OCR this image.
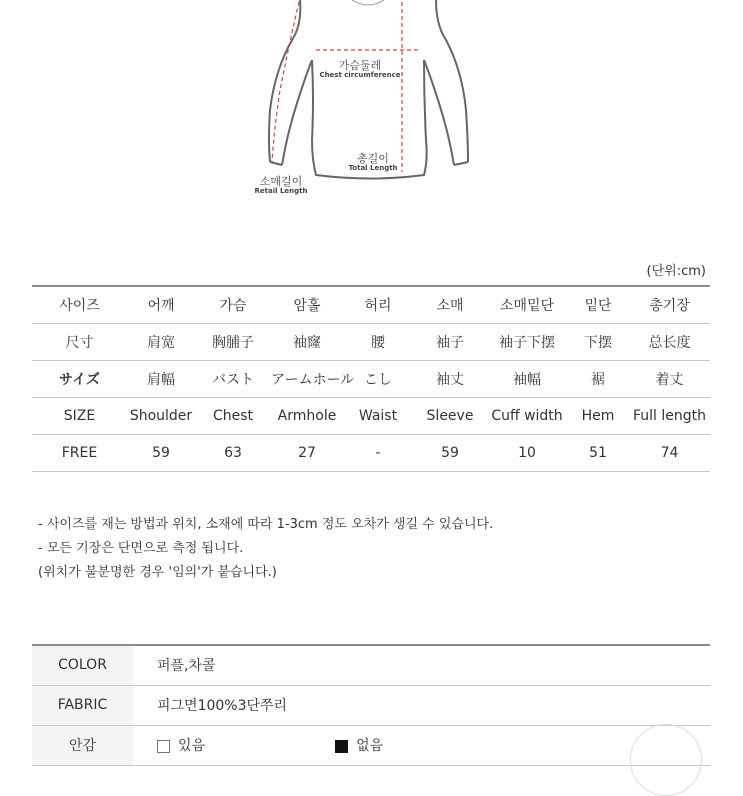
가슴둘레
Chest circumference
총길이
Total Length
소매길이
Retail Length
(단위:cm)
사이즈	어깨	가슴	암홀	허리	소매	소매밑단	밑단	총기장
尺寸	肩宽	胸脯子	袖窿	腰	袖子	袖子下摆	下摆	总长度
サイズ	肩幅	バスト	アームホール	こし	袖丈	袖幅	裾	着丈
SIZE	Shoulder	Chest	Armhole	Waist	Sleeve	Cuff width	Hem	Full length
FREE	59	63	27	-	59	10	51	74
- 사이즈를 재는 방법과 위치, 소재에 따라 1-3cm 정도 오차가 생길 수 있습니다.
- 모든 기장은 단면으로 측정 됩니다.
(위치가 불분명한 경우 '임의'가 붙습니다.)
COLOR	퍼플,차콜
FABRIC	피그면100%3단쭈리
안감	있음 없음
